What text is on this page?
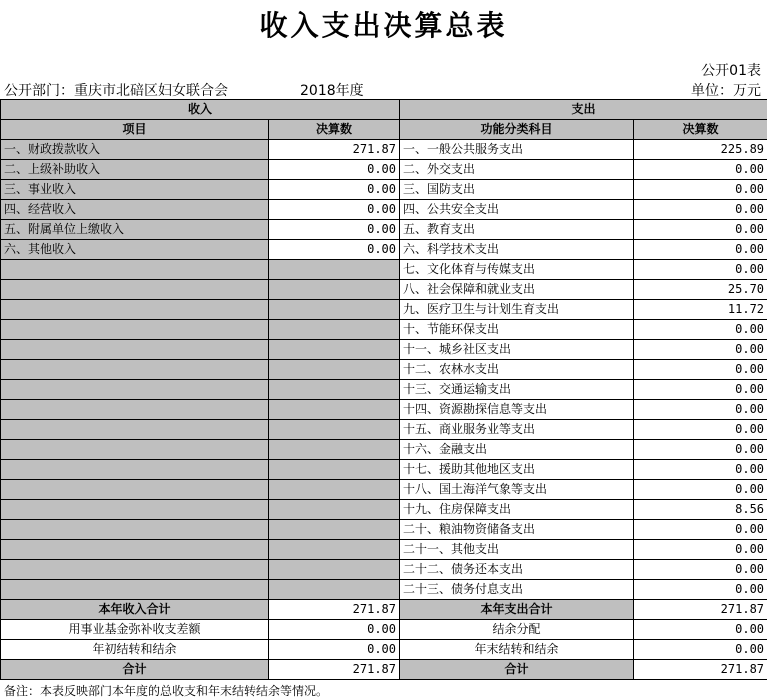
收入支出决算总表
公开01表
公开部门：重庆市北碚区妇女联合会	2018年度	单位：万元
收入		支出	
项目	决算数	功能分类科目	决算数
一、财政拨款收入	271.87	一、一般公共服务支出	225.89
二、上级补助收入	0.00	二、外交支出	0.00
三、事业收入	0.00	三、国防支出	0.00
四、经营收入	0.00	四、公共安全支出	0.00
五、附属单位上缴收入	0.00	五、教育支出	0.00
六、其他收入	0.00	六、科学技术支出	0.00
		七、文化体育与传媒支出	0.00
		八、社会保障和就业支出	25.70
		九、医疗卫生与计划生育支出	11.72
		十、节能环保支出	0.00
		十一、城乡社区支出	0.00
		十二、农林水支出	0.00
		十三、交通运输支出	0.00
		十四、资源勘探信息等支出	0.00
		十五、商业服务业等支出	0.00
		十六、金融支出	0.00
		十七、援助其他地区支出	0.00
		十八、国土海洋气象等支出	0.00
		十九、住房保障支出	8.56
		二十、粮油物资储备支出	0.00
		二十一、其他支出	0.00
		二十二、债务还本支出	0.00
		二十三、债务付息支出	0.00
本年收入合计	271.87	本年支出合计	271.87
用事业基金弥补收支差额	0.00	结余分配	0.00
年初结转和结余	0.00	年末结转和结余	0.00
合计	271.87	合计	271.87
备注：本表反映部门本年度的总收支和年末结转结余等情况。
